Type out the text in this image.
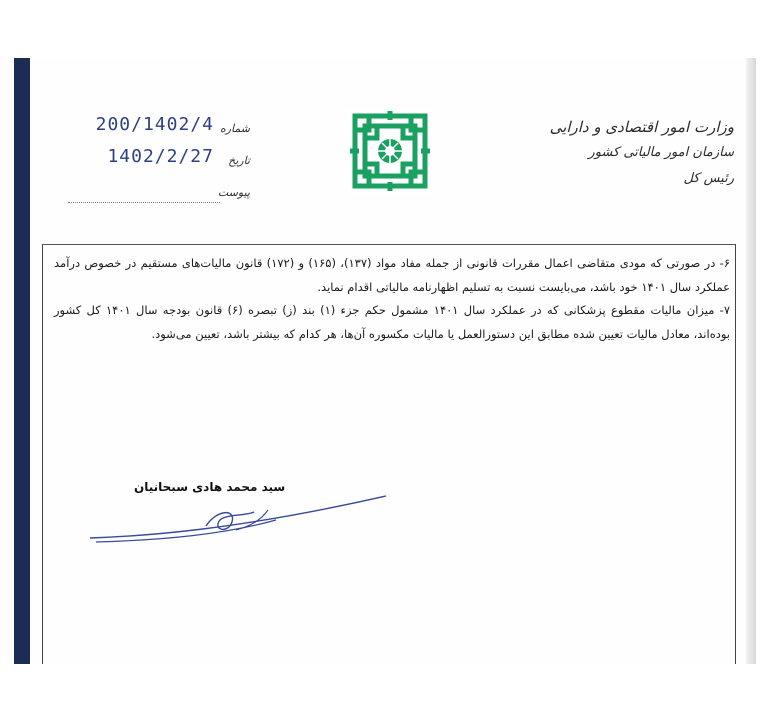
وزارت امور اقتصادی و دارایی
سازمان امور مالیاتی کشور
رئیس کل
شماره
200/1402/4
تاریخ
1402/2/27
پیوست

۶- در صورتی که مودی متقاضی اعمال مقررات قانونی از جمله مفاد مواد (۱۳۷)، (۱۶۵) و (۱۷۲) قانون مالیات‌های مستقیم در خصوص درآمد عملکرد سال ۱۴۰۱ خود باشد، می‌بایست نسبت به تسلیم اظهارنامه مالیاتی اقدام نماید.

۷- میزان مالیات مقطوع پزشکانی که در عملکرد سال ۱۴۰۱ مشمول حکم جزء (۱) بند (ز) تبصره (۶) قانون بودجه سال ۱۴۰۱ کل کشور بوده‌اند، معادل مالیات تعیین شده مطابق این دستورالعمل یا مالیات مکسوره آن‌ها، هر کدام که بیشتر باشد، تعیین می‌شود.

سید محمد هادی سبحانیان
